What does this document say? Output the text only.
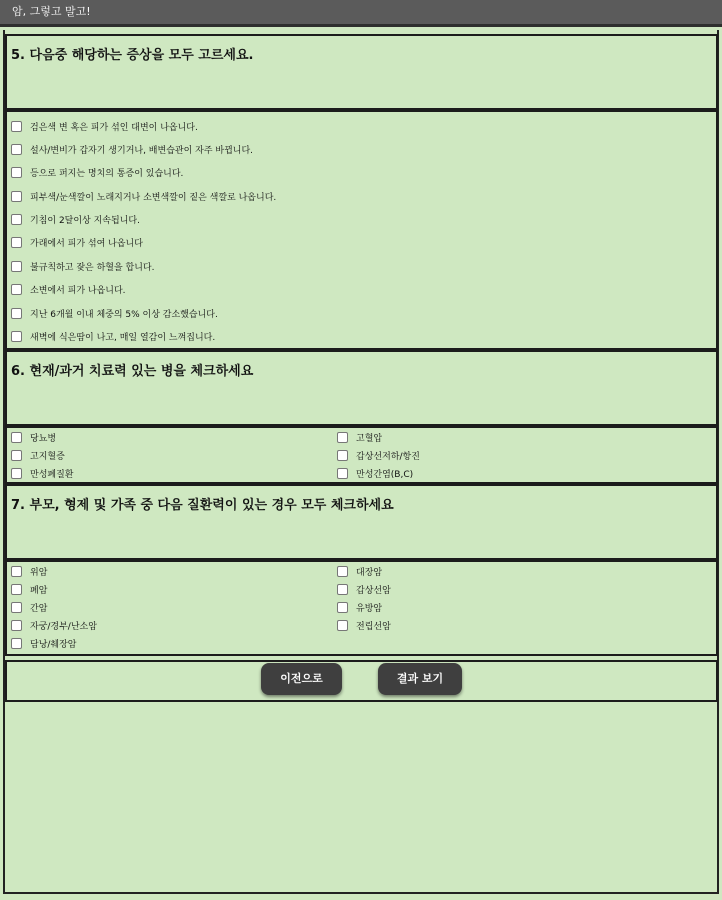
암, 그렇고 말고!
5. 다음중 해당하는 증상을 모두 고르세요.
검은색 변 혹은 피가 섞인 대변이 나옵니다.
설사/변비가 갑자기 생기거나, 배변습관이 자주 바뀝니다.
등으로 퍼지는 명치의 통증이 있습니다.
피부색/눈색깔이 노래지거나 소변색깔이 짙은 색깔로 나옵니다.
기침이 2달이상 지속됩니다.
가래에서 피가 섞여 나옵니다
불규칙하고 잦은 하혈을 합니다.
소변에서 피가 나옵니다.
지난 6개월 이내 체중의 5% 이상 감소했습니다.
새벽에 식은땀이 나고, 매일 열감이 느껴집니다.
6. 현재/과거 치료력 있는 병을 체크하세요
당뇨병	고혈압
고지혈증	갑상선저하/항진
만성폐질환	만성간염(B,C)
7. 부모, 형제 및 가족 중 다음 질환력이 있는 경우 모두 체크하세요
위암	대장암
폐암	갑상선암
간암	유방암
자궁/경부/난소암	전립선암
담낭/췌장암
이전으로	결과 보기
